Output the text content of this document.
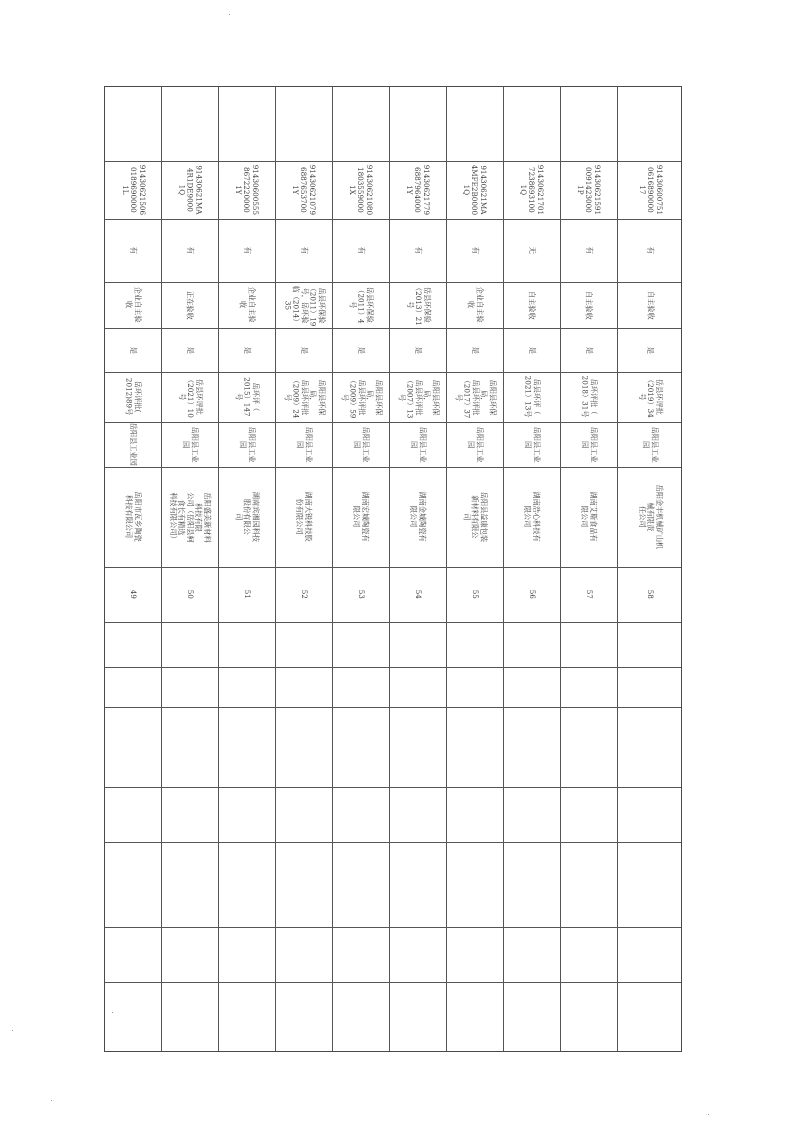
91430621506
0189690000
1L
有
企业自主验
收
是
岳环评批(
2012)89号
岳阳县工业园
岳阳市瓦乡陶瓷科技有限公司
49
91430621MA
4R1DE9000
1Q
有
正在验收
是
岳县环评批
（2021）10
号
岳阳县工业
园
岳阳盛美新材料科技有限
公司（岳阳县柯食长有精选
科技有限公司）
50
91430600555
8672220000
1Y
有
企业自主验
收
是
岳环评（
2015）147
号
岳阳县工业
园
湖南宾湘园科技股份有限公
司
51
91430621079
6887653700
1Y
有
岳县环保验
（2011）19
号，岳环验
临（2014）
35
是
岳阳县环保
局，
岳县环评批
（2009）24
号
岳阳县工业
园
湖南大锐科技股份有限公司
52
91430621080
1803559000
1X
有
岳县环保验
（2011）4
号
是
岳阳县环保
局，
岳县环评批
（2009）59
号
岳阳县工业
园
湖南宏城陶瓷有限公司
53
91430621779
6887964000
1Y
有
岳县环保验
（2013）21
号
是
岳阳县环保
局，
岳县环评批
（2007）13
号
岳阳县工业
园
湖南金城陶瓷有限公司
54
91430621MA
4MFE2B0000
1Q
有
企业自主验
收
是
岳阳县环保
局，
岳县环评批
（2017）37
号
岳阳县工业
园
岳阳县益康包装新材料有限公
司
55
91430621701
7238693100
1Q
无
自主验收
是
岳县环评（
2021）13号
岳阳县工业
园
湖南浩心科技有限公司
56
91430621591
0091423000
1P
有
自主验收
是
岳环评批（
2018）31号
岳阳县工业
园
湖南艾斯食品有限公司
57
91430600751
0616890000
17
有
自主验收
是
岳县环评批
（2019）34
号
岳阳县工业
园
岳阳金丰机械矿山机械有限责
任公司
58
